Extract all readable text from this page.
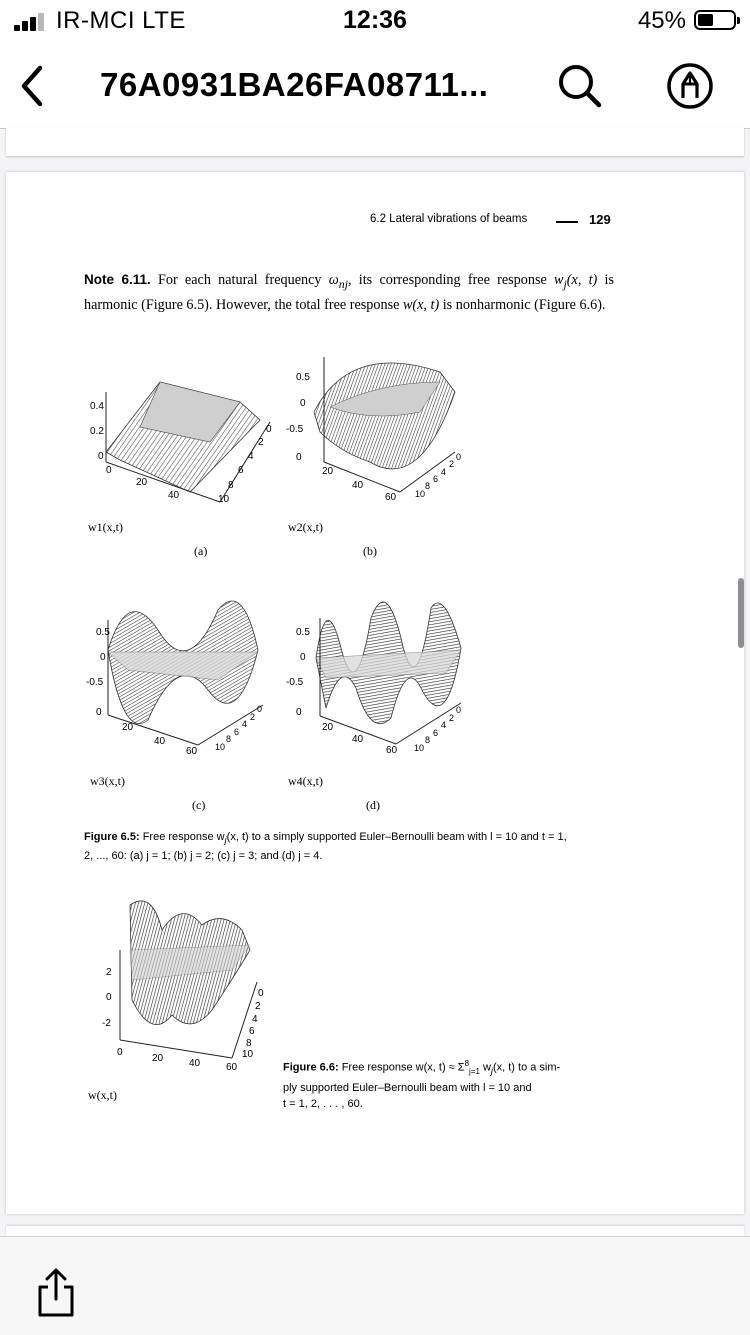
IR-MCI LTE	12:36	45%
76A0931BA26FA08711...
6.2 Lateral vibrations of beams	129

Note 6.11. For each natural frequency $\omega_{nj}$, its corresponding free response $w_j(x$, t) is harmonic (Figure 6.5). However, the total free response w(x, t) is nonharmonic (Figure 6.6).

0.4
0.2
0
0
20
40
0
2
4
6
8
10
w1(x,t)
(a)
0.5
0
-0.5
0
20
40
60
0
2
4
6
8
10
w2(x,t)
(b)
0.5
0
-0.5
0
20
40
60
0
2
4
6
8
10
w3(x,t)
(c)
0.5
0
-0.5
0
20
40
60
0
2
4
6
8
10
w4(x,t)
(d)
Figure 6.5: Free response $w_j(x$, t) to a simply supported Euler–Bernoulli beam with l = 10 and t = 1,
2, ..., 60: (a) j = 1; (b) j = 2; (c) j = 3; and (d) j = 4.
2
0
-2
0
20	40	60
0
2
4
6
8
10
w(x,t)
Figure 6.6: Free response w(x, $t) \approx \Sigma^8_{j=1}$ $w_j(x$, t) to a sim-
ply supported Euler–Bernoulli beam with l = 10 and
t = 1, 2, . . . , 60.
